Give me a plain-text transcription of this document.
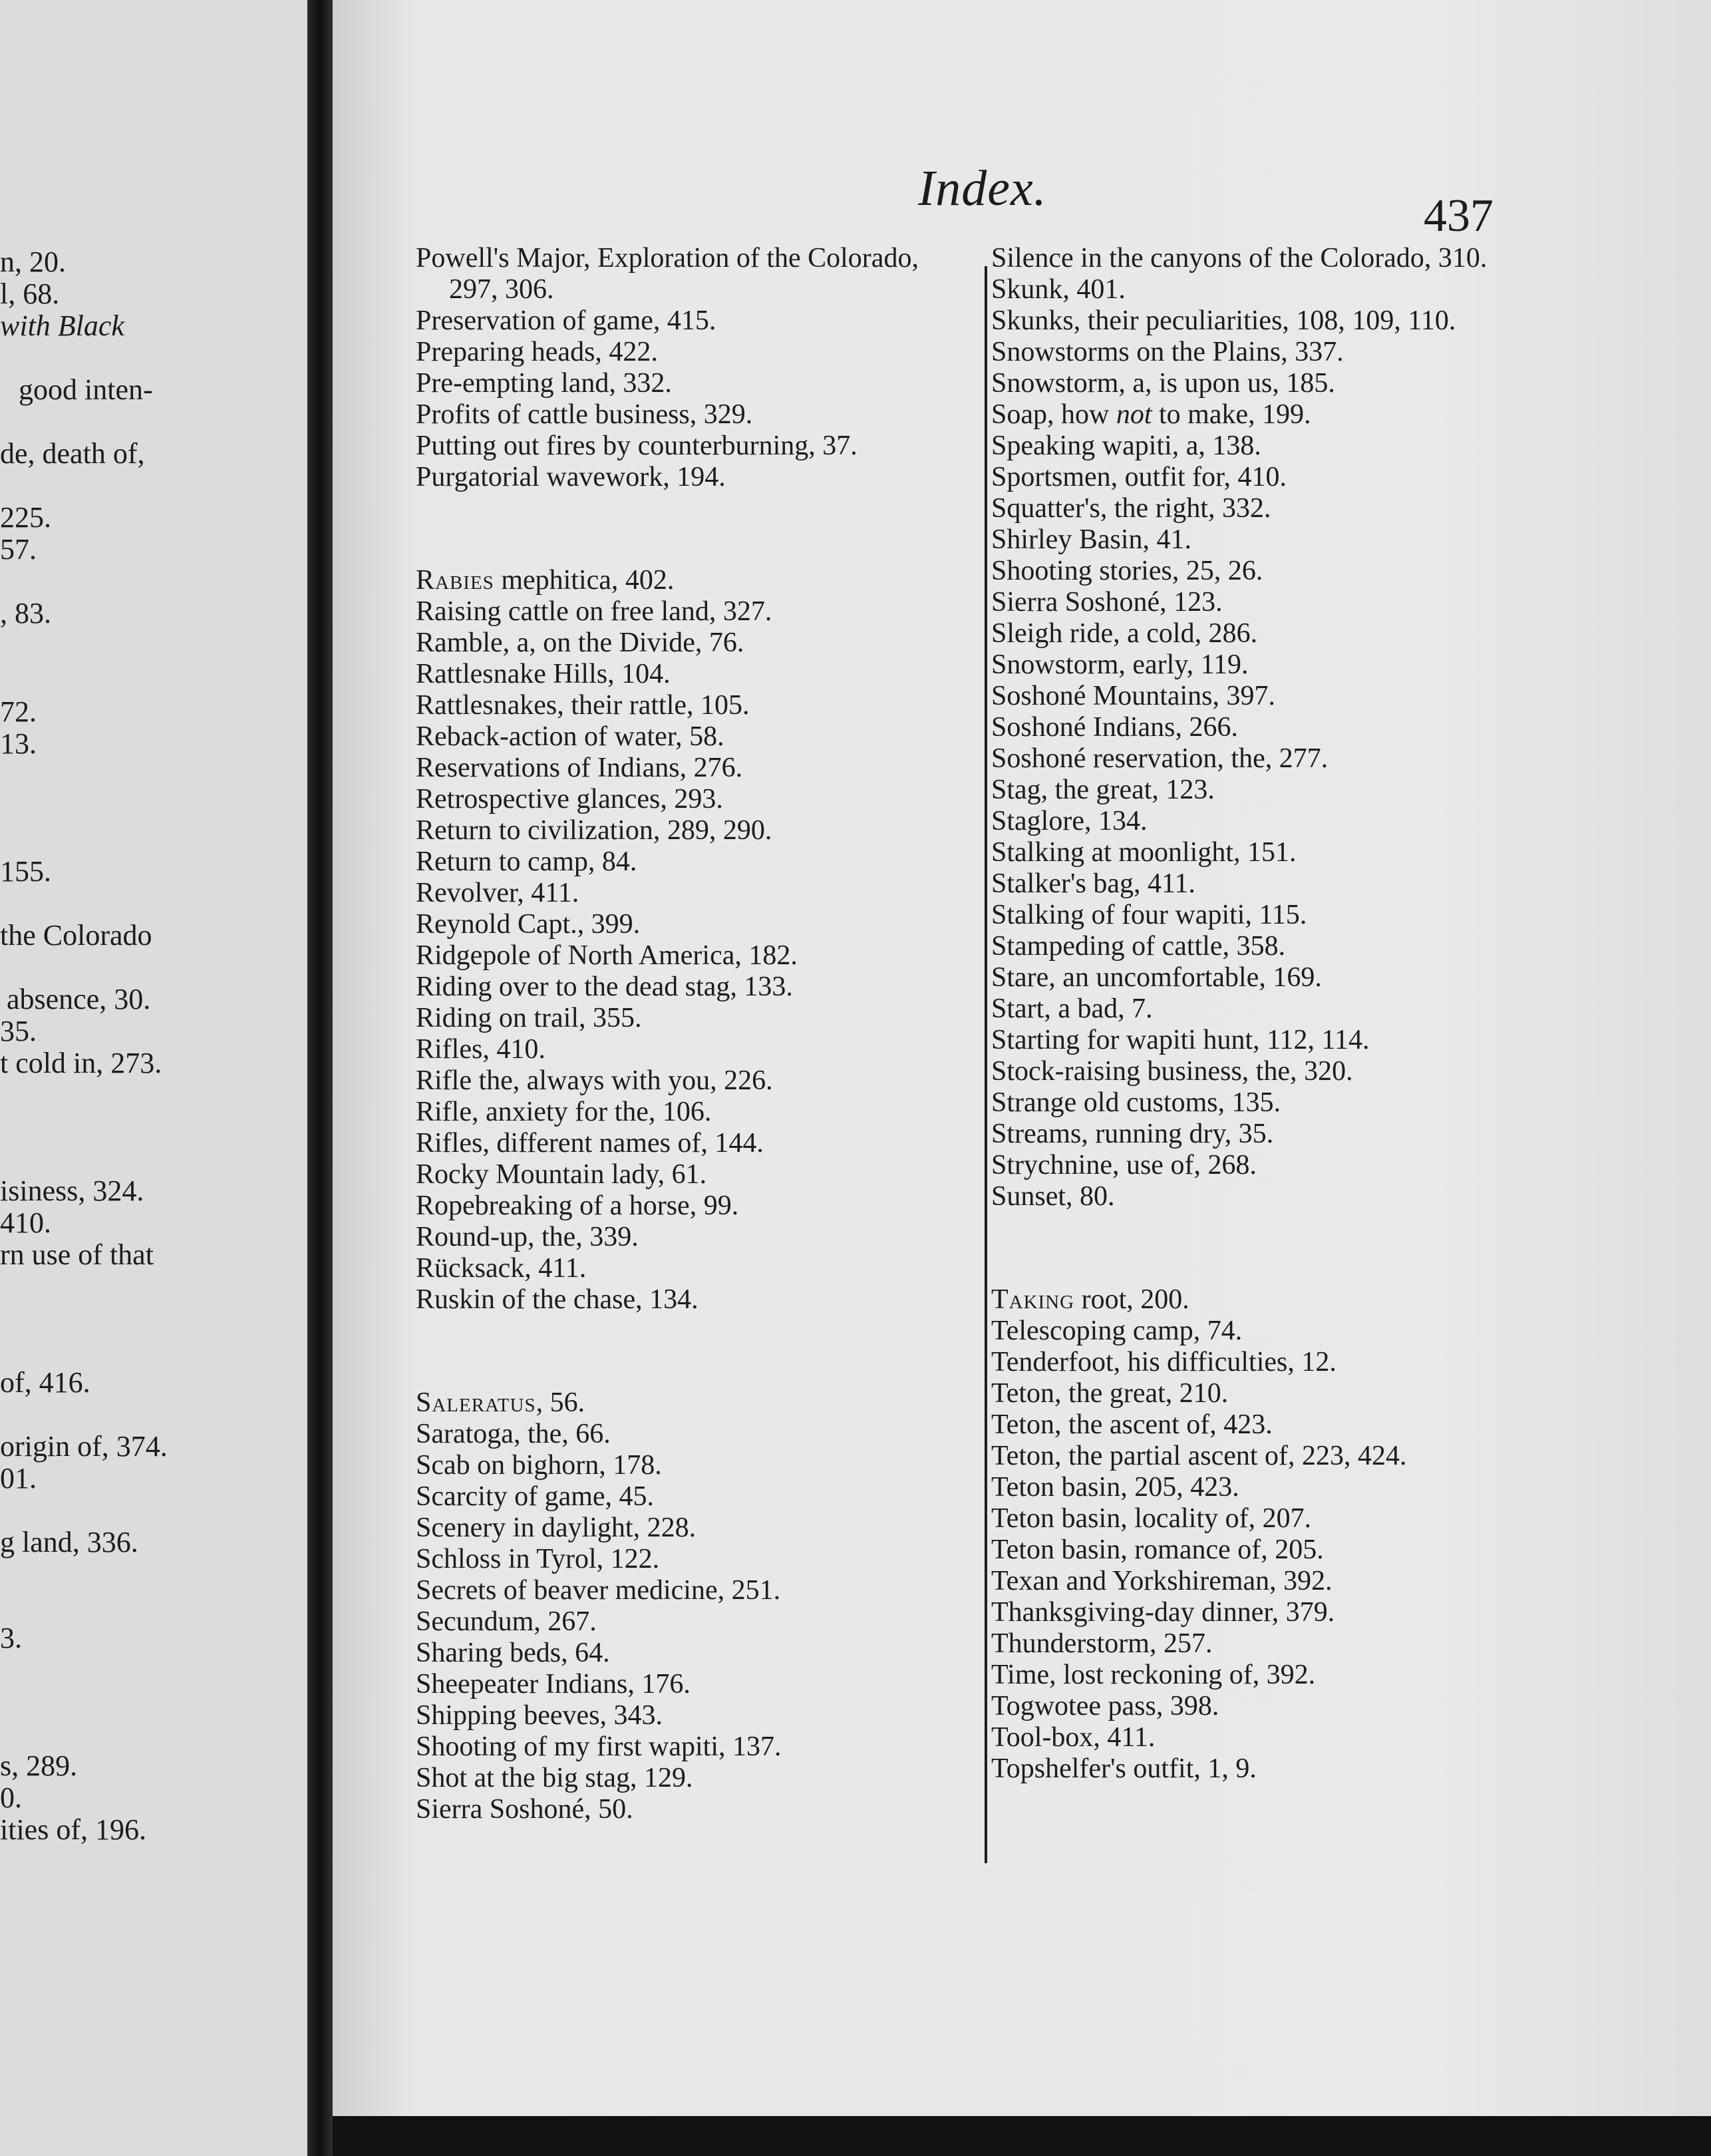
n, 20.
l, 68.
with Black
good inten-
de, death of,
225.
57.
, 83.
72.
13.
155.
the Colorado
absence, 30.
35.
t cold in, 273.
isiness, 324.
410.
rn use of that
of, 416.
origin of, 374.
01.
g land, 336.
3.
s, 289.
0.
ities of, 196.
Index.	437
Powell's Major, Exploration of the Colorado, 297, 306.
Preservation of game, 415.
Preparing heads, 422.
Pre-empting land, 332.
Profits of cattle business, 329.
Putting out fires by counterburning, 37.
Purgatorial wavework, 194.
Rabies mephitica, 402.
Raising cattle on free land, 327.
Ramble, a, on the Divide, 76.
Rattlesnake Hills, 104.
Rattlesnakes, their rattle, 105.
Reback-action of water, 58.
Reservations of Indians, 276.
Retrospective glances, 293.
Return to civilization, 289, 290.
Return to camp, 84.
Revolver, 411.
Reynold Capt., 399.
Ridgepole of North America, 182.
Riding over to the dead stag, 133.
Riding on trail, 355.
Rifles, 410.
Rifle the, always with you, 226.
Rifle, anxiety for the, 106.
Rifles, different names of, 144.
Rocky Mountain lady, 61.
Ropebreaking of a horse, 99.
Round-up, the, 339.
Rücksack, 411.
Ruskin of the chase, 134.
Saleratus, 56.
Saratoga, the, 66.
Scab on bighorn, 178.
Scarcity of game, 45.
Scenery in daylight, 228.
Schloss in Tyrol, 122.
Secrets of beaver medicine, 251.
Secundum, 267.
Sharing beds, 64.
Sheepeater Indians, 176.
Shipping beeves, 343.
Shooting of my first wapiti, 137.
Shot at the big stag, 129.
Sierra Soshoné, 50.
Silence in the canyons of the Colorado, 310.
Skunk, 401.
Skunks, their peculiarities, 108, 109, 110.
Snowstorms on the Plains, 337.
Snowstorm, a, is upon us, 185.
Soap, how not to make, 199.
Speaking wapiti, a, 138.
Sportsmen, outfit for, 410.
Squatter's, the right, 332.
Shirley Basin, 41.
Shooting stories, 25, 26.
Sierra Soshoné, 123.
Sleigh ride, a cold, 286.
Snowstorm, early, 119.
Soshoné Mountains, 397.
Soshoné Indians, 266.
Soshoné reservation, the, 277.
Stag, the great, 123.
Staglore, 134.
Stalking at moonlight, 151.
Stalker's bag, 411.
Stalking of four wapiti, 115.
Stampeding of cattle, 358.
Stare, an uncomfortable, 169.
Start, a bad, 7.
Starting for wapiti hunt, 112, 114.
Stock-raising business, the, 320.
Strange old customs, 135.
Streams, running dry, 35.
Strychnine, use of, 268.
Sunset, 80.
Taking root, 200.
Telescoping camp, 74.
Tenderfoot, his difficulties, 12.
Teton, the great, 210.
Teton, the ascent of, 423.
Teton, the partial ascent of, 223, 424.
Teton basin, 205, 423.
Teton basin, locality of, 207.
Teton basin, romance of, 205.
Texan and Yorkshireman, 392.
Thanksgiving-day dinner, 379.
Thunderstorm, 257.
Time, lost reckoning of, 392.
Togwotee pass, 398.
Tool-box, 411.
Topshelfer's outfit, 1, 9.
